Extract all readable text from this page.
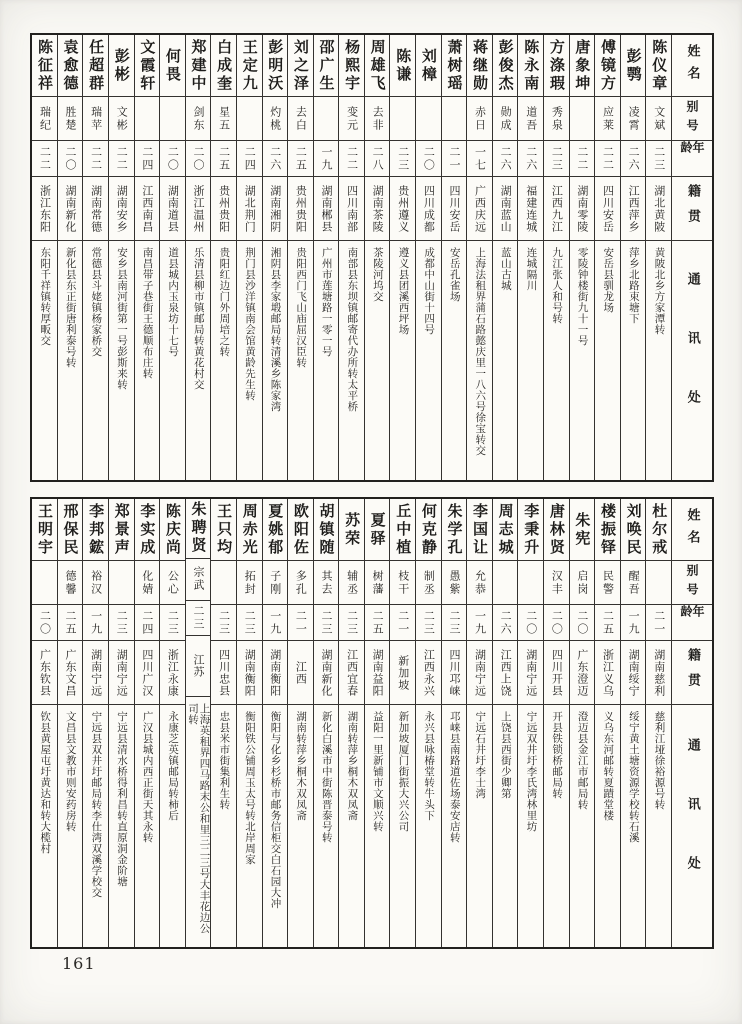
姓名
别号
年龄
籍贯
通讯处
陈仪章
文斌
二三
湖北黄陂
黄陂北乡方家潭转
彭鹗
凌霄
二六
江西萍乡
萍乡北路束塘下
傅镜方
应莱
二二
四川安岳
安岳县驯龙场
唐象坤
二二
湖南零陵
零陵钟楼街九十一号
方涤瑕
秀泉
二三
江西九江
九江张人和号转
陈永南
道吾
二六
福建连城
连城隔川
彭俊杰
勋成
二六
湖南蓝山
蓝山古城
蒋继勋
赤日
一七
广西庆远
上海法租界蒲石路懿庆里一八六号徐宝转交
萧树瑶
二一
四川安岳
安岳孔雀场
刘樟
二〇
四川成都
成都中山街十四号
陈谦
二三
贵州遵义
遵义县团溪西坪场
周雄飞
去非
二八
湖南茶陵
茶陵河坞交
杨熙宇
变元
二二
四川南部
南部县东坝镇邮寄代办所转太平桥
邵广生
一九
湖南郴县
广州市莲塘路一零一号
刘之泽
去白
二五
贵州贵阳
贵阳西门飞山庙屈汉臣转
彭明沃
灼桃
二六
湖南湘阴
湘阴县李家塅邮局转清溪乡陈家湾
王定九
二四
湖北荆门
荆门县沙洋镇南会馆黄龄先生转
白成奎
星五
二五
贵州贵阳
贵阳红边门外周培之转
郑建中
剑东
二〇
浙江温州
乐清县柳市镇邮局转黄花村交
何畏
二〇
湖南道县
道县城内玉泉坊十七号
文霞轩
二四
江西南昌
南昌带子巷街王德顺布庄转
彭彬
文彬
二二
湖南安乡
安乡县南河街第一号彭斯来转
任超群
瑞苹
二二
湖南常德
常德县斗姥镇杨家桥交
袁愈德
胜楚
二〇
湖南新化
新化县东正街唐利泰号转
陈征祥
瑞纪
二二
浙江东阳
东阳千祥镇转厚畈交
姓名
别号
年龄
籍贯
通讯处
杜尔戒
二一
湖南慈利
慈利江垭徐裕源号转
刘唤民
醒吾
一九
湖南绥宁
绥宁黄土塘资源学校转石溪
楼振铎
民警
二五
浙江义乌
义乌东河邮转夏蹟堂楼
朱宪
启岗
二〇
广东澄迈
澄迈县金江市邮局转
唐林贤
汉丰
二〇
四川开县
开县铁锁桥邮局转
李秉升
二〇
湖南宁远
宁远双井圩李氏湾林里坊
周志城
二六
江西上饶
上饶县西街少卿第
李国让
允恭
一九
湖南宁远
宁远石井圩李士湾
朱学孔
愚紫
二三
四川邛崃
邛崃县南路道佐场泰安店转
何克静
制丞
二三
江西永兴
永兴县咏椿堂转牛头下
丘中植
枝干
二一
新加坡
新加坡厦门街振大兴公司
夏驿
树藩
二五
湖南益阳
益阳一里新铺市文顺兴转
苏荣
辅丞
二三
江西宜春
湖南转萍乡桐木双凤斋
胡镇随
其去
二三
湖南新化
新化白溪市中街陈晋泰号转
欧阳佐
多孔
二一
江西
湖南转萍乡桐木双凤斋
夏姚郁
子刚
一九
湖南衡阳
衡阳与化乡杉桥市邮务信柜交白石园大冲
周赤光
拓封
二三
湖南衡阳
衡阳铁公铺周玉太号转北岸周家
王只均
二三
四川忠县
忠县米市街集利生转
朱聘贤
宗武
二三
江苏
上海英租界四马路末公和里三二三号大丰花边公司转
陈庆尚
公心
二三
浙江永康
永康芝英镇邮局转柿后
李实成
化婧
二四
四川广汉
广汉县城内西正街天其永转
郑景声
二三
湖南宁远
宁远县清水桥得利昌转直原洞金阶塘
李邦鋐
裕汉
一九
湖南宁远
宁远县双井圩邮局转李仕湾双溪学校交
邢保民
德馨
二五
广东文昌
文昌县文教市则安药房转
王明宇
二〇
广东钦县
钦县黄屋屯圩黄达和转大榄村
161
